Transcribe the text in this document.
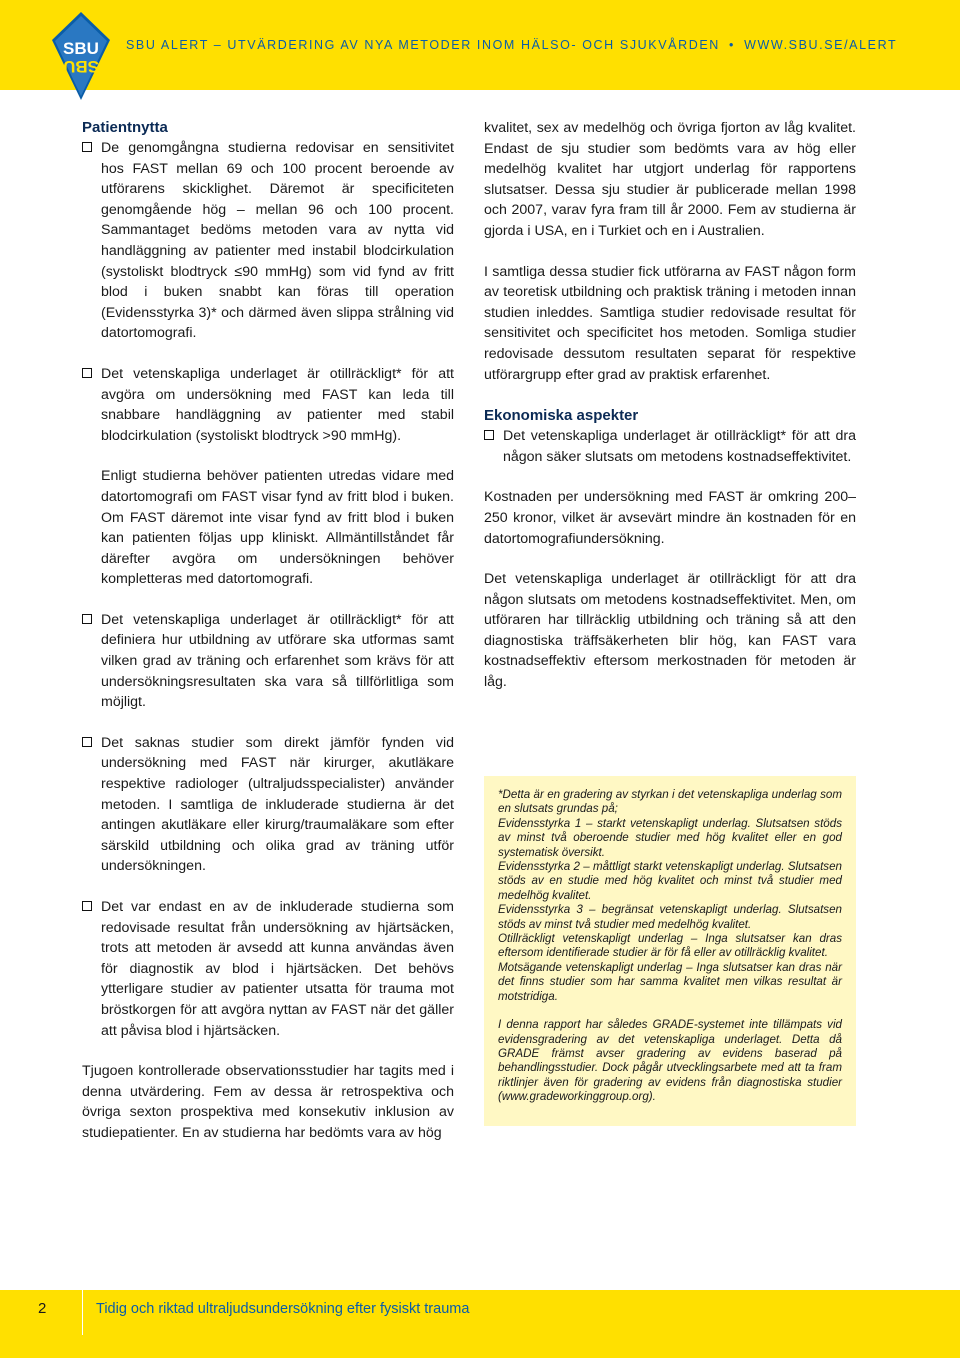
SBU
SBU
SBU ALERT – UTVÄRDERING AV NYA METODER INOM HÄLSO- OCH SJUKVÅRDEN • WWW.SBU.SE/ALERT
Patientnytta

De genomgångna studierna redovisar en sensitivitet hos FAST mellan 69 och 100 procent beroende av utförarens skicklighet. Däremot är specificiteten genomgående hög – mellan 96 och 100 procent. Sammantaget bedöms metoden vara av nytta vid handläggning av patienter med instabil blodcirkulation (systoliskt blodtryck ≤90 mmHg) som vid fynd av fritt blod i buken snabbt kan föras till operation (Evidensstyrka 3)* och därmed även slippa strålning vid datortomografi.

Det vetenskapliga underlaget är otillräckligt* för att avgöra om undersökning med FAST kan leda till snabbare handläggning av patienter med stabil blodcirkulation (systoliskt blodtryck >90 mmHg).

Enligt studierna behöver patienten utredas vidare med datortomografi om FAST visar fynd av fritt blod i buken. Om FAST däremot inte visar fynd av fritt blod i buken kan patienten följas upp kliniskt. Allmäntillståndet får därefter avgöra om undersökningen behöver kompletteras med datortomografi.

Det vetenskapliga underlaget är otillräckligt* för att definiera hur utbildning av utförare ska utformas samt vilken grad av träning och erfarenhet som krävs för att undersökningsresultaten ska vara så tillförlitliga som möjligt.

Det saknas studier som direkt jämför fynden vid undersökning med FAST när kirurger, akutläkare respektive radiologer (ultraljudsspecialister) använder metoden. I samtliga de inkluderade studierna är det antingen akutläkare eller kirurg/traumaläkare som efter särskild utbildning och olika grad av träning utför undersökningen.

Det var endast en av de inkluderade studierna som redovisade resultat från undersökning av hjärtsäcken, trots att metoden är avsedd att kunna användas även för diagnostik av blod i hjärtsäcken. Det behövs ytterligare studier av patienter utsatta för trauma mot bröstkorgen för att avgöra nyttan av FAST när det gäller att påvisa blod i hjärtsäcken.

Tjugoen kontrollerade observationsstudier har tagits med i denna utvärdering. Fem av dessa är retrospektiva och övriga sexton prospektiva med konsekutiv inklusion av studiepatienter. En av studierna har bedömts vara av hög

kvalitet, sex av medelhög och övriga fjorton av låg kvalitet. Endast de sju studier som bedömts vara av hög eller medelhög kvalitet har utgjort underlag för rapportens slutsatser. Dessa sju studier är publicerade mellan 1998 och 2007, varav fyra fram till år 2000. Fem av studierna är gjorda i USA, en i Turkiet och en i Australien.

I samtliga dessa studier fick utförarna av FAST någon form av teoretisk utbildning och praktisk träning i metoden innan studien inleddes. Samtliga studier redovisade resultat för sensitivitet och specificitet hos metoden. Somliga studier redovisade dessutom resultaten separat för respektive utförargrupp efter grad av praktisk erfarenhet.

Ekonomiska aspekter

Det vetenskapliga underlaget är otillräckligt* för att dra någon säker slutsats om metodens kostnadseffektivitet.

Kostnaden per undersökning med FAST är omkring 200–250 kronor, vilket är avsevärt mindre än kostnaden för en datortomografiundersökning.

Det vetenskapliga underlaget är otillräckligt för att dra någon slutsats om metodens kostnadseffektivitet. Men, om utföraren har tillräcklig utbildning och träning så att den diagnostiska träffsäkerheten blir hög, kan FAST vara kostnadseffektiv eftersom merkostnaden för metoden är låg.

*Detta är en gradering av styrkan i det vetenskapliga underlag som en slutsats grundas på;

Evidensstyrka 1 – starkt vetenskapligt underlag. Slutsatsen stöds av minst två oberoende studier med hög kvalitet eller en god systematisk översikt.

Evidensstyrka 2 – måttligt starkt vetenskapligt underlag. Slutsatsen stöds av en studie med hög kvalitet och minst två studier med medelhög kvalitet.

Evidensstyrka 3 – begränsat vetenskapligt underlag. Slutsatsen stöds av minst två studier med medelhög kvalitet.

Otillräckligt vetenskapligt underlag – Inga slutsatser kan dras eftersom identifierade studier är för få eller av otillräcklig kvalitet.

Motsägande vetenskapligt underlag – Inga slutsatser kan dras när det finns studier som har samma kvalitet men vilkas resultat är motstridiga.

I denna rapport har således GRADE-systemet inte tillämpats vid evidensgradering av det vetenskapliga underlaget. Detta då GRADE främst avser gradering av evidens baserad på behandlingsstudier. Dock pågår utvecklingsarbete med att ta fram riktlinjer även för gradering av evidens från diagnostiska studier (www.gradeworkinggroup.org).

2	Tidig och riktad ultraljudsundersökning efter fysiskt trauma
